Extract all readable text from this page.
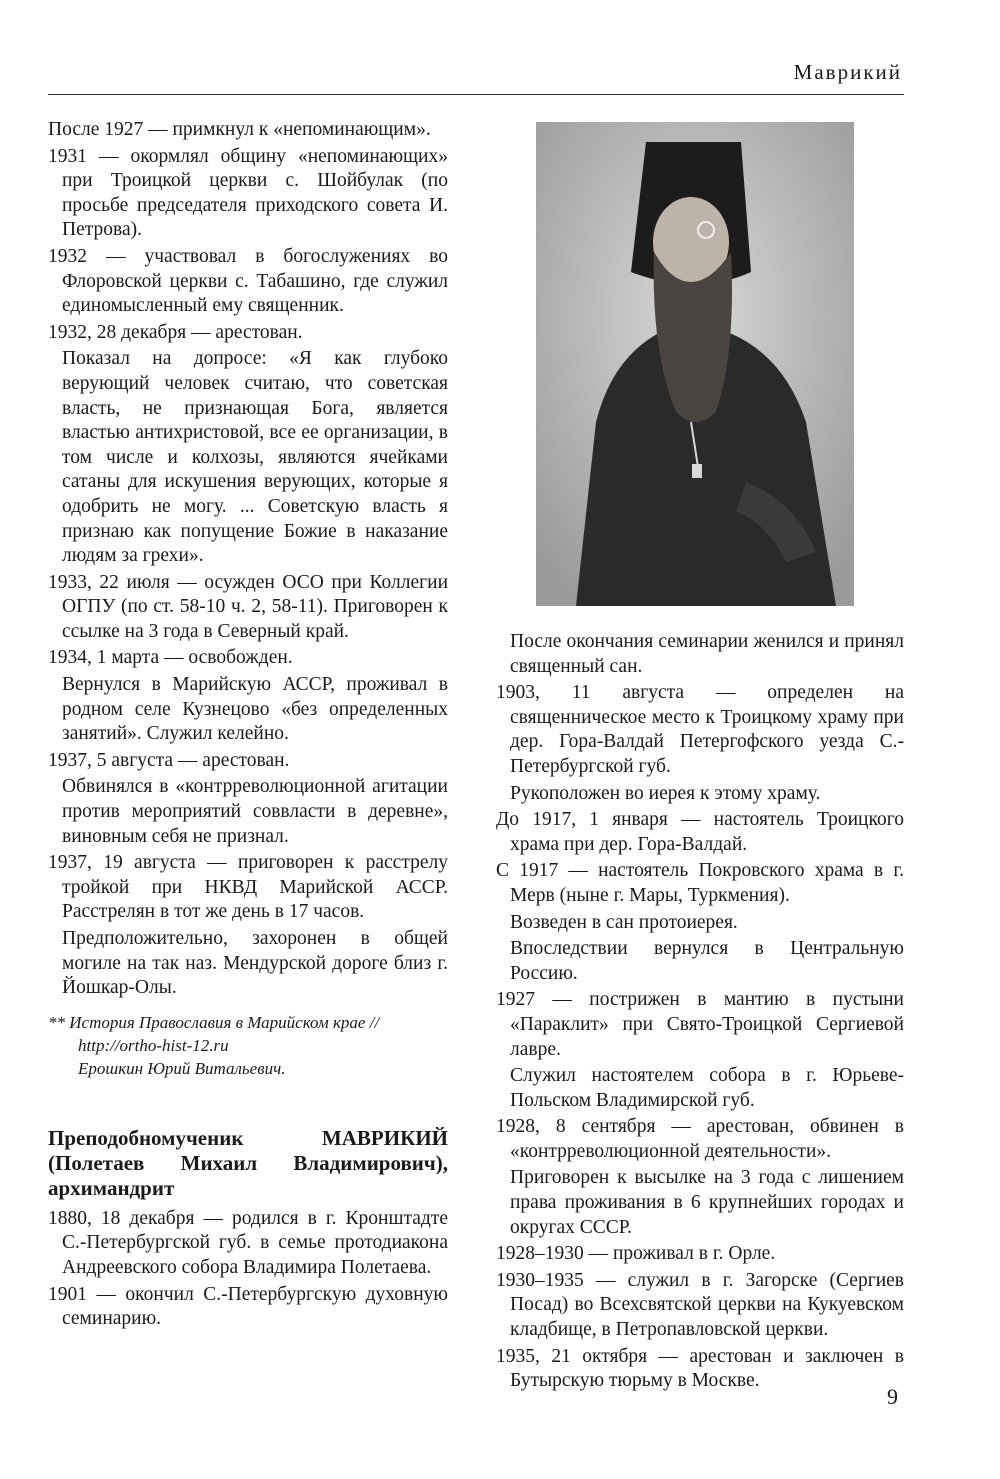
Маврикий

После 1927 — примкнул к «непоминающим».

1931 — окормлял общину «непоминающих» при Троицкой церкви с. Шойбулак (по просьбе председателя приходского совета И. Петрова).

1932 — участвовал в богослужениях во Флоровской церкви с. Табашино, где служил единомысленный ему священник.

1932, 28 декабря — арестован.

Показал на допросе: «Я как глубоко верующий человек считаю, что советская власть, не признающая Бога, является властью антихристовой, все ее организации, в том числе и колхозы, являются ячейками сатаны для искушения верующих, которые я одобрить не могу. ... Советскую власть я признаю как попущение Божие в наказание людям за грехи».

1933, 22 июля — осужден ОСО при Коллегии ОГПУ (по ст. 58-10 ч. 2, 58-11). Приговорен к ссылке на 3 года в Северный край.

1934, 1 марта — освобожден.

Вернулся в Марийскую АССР, проживал в родном селе Кузнецово «без определенных занятий». Служил келейно.

1937, 5 августа — арестован.

Обвинялся в «контрреволюционной агитации против мероприятий соввласти в деревне», виновным себя не признал.

1937, 19 августа — приговорен к расстрелу тройкой при НКВД Марийской АССР. Расстрелян в тот же день в 17 часов.

Предположительно, захоронен в общей могиле на так наз. Мендурской дороге близ г. Йошкар-Олы.

** История Православия в Марийском крае // http://ortho-hist-12.ru
Ерошкин Юрий Витальевич.
Преподобномученик МАВРИКИЙ (Полетаев Михаил Владимирович), архимандрит

1880, 18 декабря — родился в г. Кронштадте С.-Петербургской губ. в семье протодиакона Андреевского собора Владимира Полетаева.

1901 — окончил С.-Петербургскую духовную семинарию.

После окончания семинарии женился и принял священный сан.

1903, 11 августа — определен на священническое место к Троицкому храму при дер. Гора-Валдай Петергофского уезда С.-Петербургской губ.

Рукоположен во иерея к этому храму.

До 1917, 1 января — настоятель Троицкого храма при дер. Гора-Валдай.

С 1917 — настоятель Покровского храма в г. Мерв (ныне г. Мары, Туркмения).

Возведен в сан протоиерея.

Впоследствии вернулся в Центральную Россию.

1927 — пострижен в мантию в пустыни «Параклит» при Свято-Троицкой Сергиевой лавре.

Служил настоятелем собора в г. Юрьеве-Польском Владимирской губ.

1928, 8 сентября — арестован, обвинен в «контрреволюционной деятельности».

Приговорен к высылке на 3 года с лишением права проживания в 6 крупнейших городах и округах СССР.

1928–1930 — проживал в г. Орле.

1930–1935 — служил в г. Загорске (Сергиев Посад) во Всехсвятской церкви на Кукуевском кладбище, в Петропавловской церкви.

1935, 21 октября — арестован и заключен в Бутырскую тюрьму в Москве.

9
